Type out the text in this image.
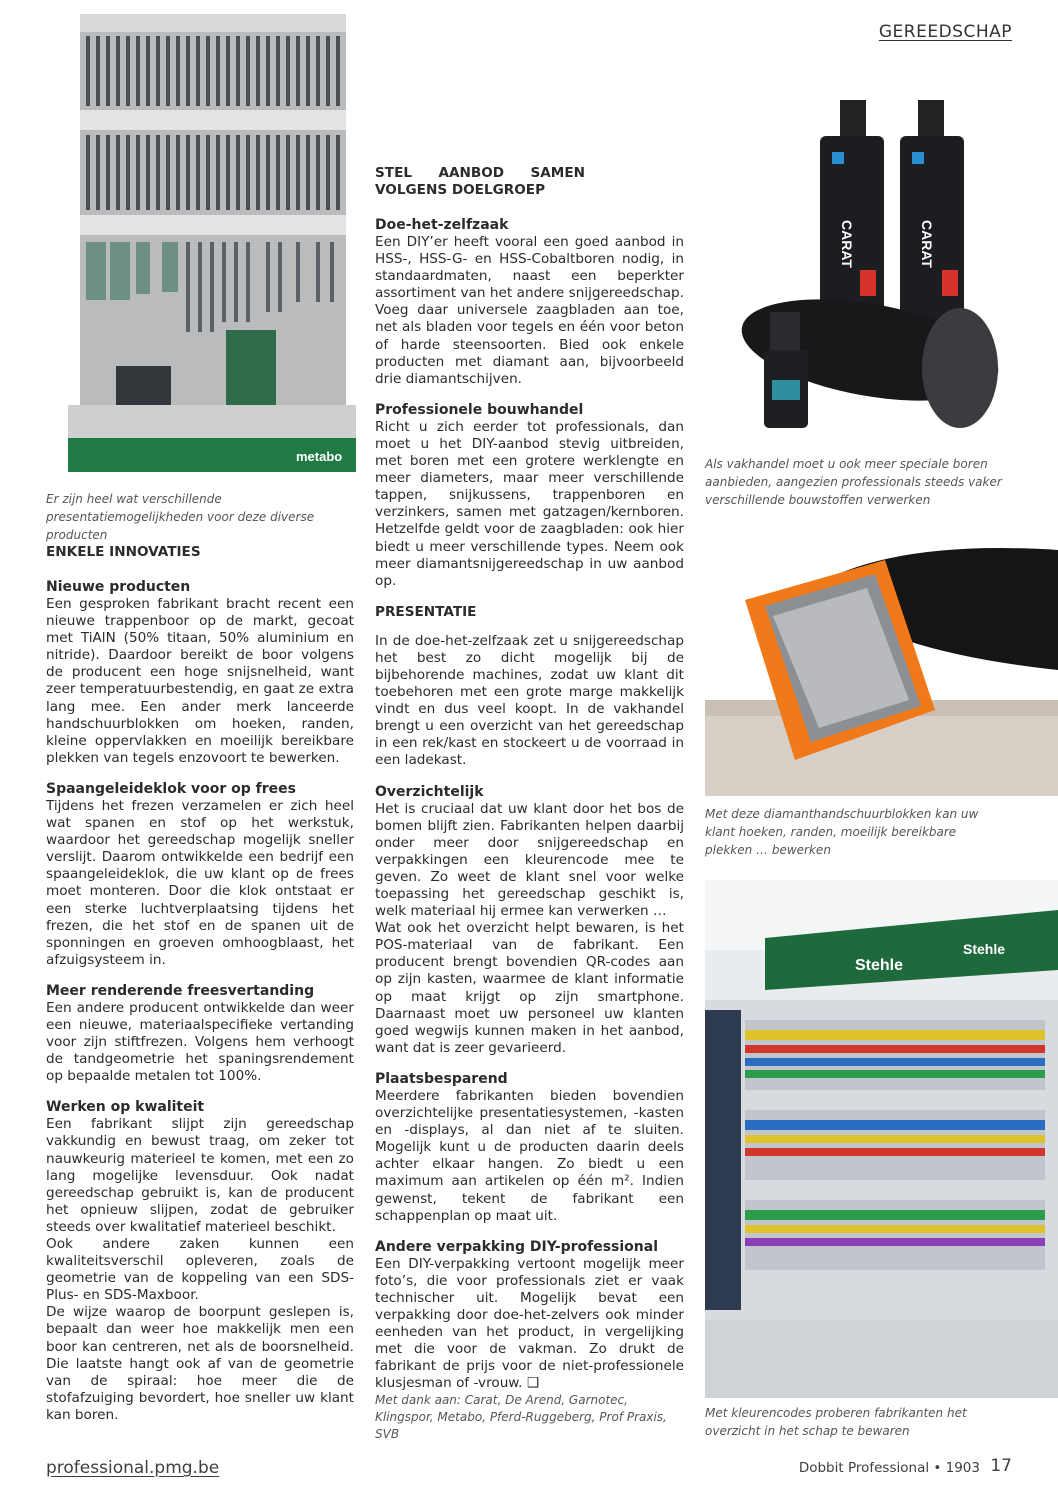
GEREEDSCHAP
metabo
Er zijn heel wat verschillende presentatiemogelijkheden voor deze diverse producten
CARAT	CARAT
Als vakhandel moet u ook meer speciale boren aanbieden, aangezien professionals steeds vaker verschillende bouwstoffen verwerken
Met deze diamanthandschuurblokken kan uw klant hoeken, randen, moeilijk bereikbare plekken … bewerken
Stehle
Stehle
Met kleurencodes proberen fabrikanten het overzicht in het schap te bewaren
ENKELE INNOVATIES
Nieuwe producten

Een gesproken fabrikant bracht recent een nieuwe trappenboor op de markt, gecoat met TiAlN (50% titaan, 50% aluminium en nitride). Daardoor bereikt de boor volgens de producent een hoge snijsnelheid, want zeer temperatuurbestendig, en gaat ze extra lang mee. Een ander merk lanceerde handschuurblokken om hoeken, randen, kleine oppervlakken en moeilijk bereikbare plekken van tegels enzovoort te bewerken.

Spaangeleideklok voor op frees

Tijdens het frezen verzamelen er zich heel wat spanen en stof op het werkstuk, waardoor het gereedschap mogelijk sneller verslijt. Daarom ontwikkelde een bedrijf een spaangeleideklok, die uw klant op de frees moet monteren. Door die klok ontstaat er een sterke luchtverplaatsing tijdens het frezen, die het stof en de spanen uit de sponningen en groeven omhoogblaast, het afzuigsysteem in.

Meer renderende freesvertanding

Een andere producent ontwikkelde dan weer een nieuwe, materiaalspecifieke vertanding voor zijn stiftfrezen. Volgens hem verhoogt de tandgeometrie het spaningsrendement op bepaalde metalen tot 100%.

Werken op kwaliteit

Een fabrikant slijpt zijn gereedschap vakkundig en bewust traag, om zeker tot nauwkeurig materieel te komen, met een zo lang mogelijke levensduur. Ook nadat gereedschap gebruikt is, kan de producent het opnieuw slijpen, zodat de gebruiker steeds over kwalitatief materieel beschikt.

Ook andere zaken kunnen een kwaliteitsverschil opleveren, zoals de geometrie van de koppeling van een SDS-Plus- en SDS-Maxboor.

De wijze waarop de boorpunt geslepen is, bepaalt dan weer hoe makkelijk men een boor kan centreren, net als de boorsnelheid. Die laatste hangt ook af van de geometrie van de spiraal: hoe meer die de stofafzuiging bevordert, hoe sneller uw klant kan boren.

STEL AANBOD SAMEN VOLGENS DOELGROEP
Doe-het-zelfzaak

Een DIY’er heeft vooral een goed aanbod in HSS-, HSS-G- en HSS-Cobaltboren nodig, in standaardmaten, naast een beperkter assortiment van het andere snijgereedschap. Voeg daar universele zaagbladen aan toe, net als bladen voor tegels en één voor beton of harde steensoorten. Bied ook enkele producten met diamant aan, bijvoorbeeld drie diamantschijven.

Professionele bouwhandel

Richt u zich eerder tot professionals, dan moet u het DIY-aanbod stevig uitbreiden, met boren met een grotere werklengte en meer diameters, maar meer verschillende tappen, snijkussens, trappenboren en verzinkers, samen met gatzagen/kernboren. Hetzelfde geldt voor de zaagbladen: ook hier biedt u meer verschillende types. Neem ook meer diamantsnijgereedschap in uw aanbod op.

PRESENTATIE

In de doe-het-zelfzaak zet u snijgereedschap het best zo dicht mogelijk bij de bijbehorende machines, zodat uw klant dit toebehoren met een grote marge makkelijk vindt en dus veel koopt. In de vakhandel brengt u een overzicht van het gereedschap in een rek/kast en stockeert u de voorraad in een ladekast.

Overzichtelijk

Het is cruciaal dat uw klant door het bos de bomen blijft zien. Fabrikanten helpen daarbij onder meer door snijgereedschap en verpakkingen een kleurencode mee te geven. Zo weet de klant snel voor welke toepassing het gereedschap geschikt is, welk materiaal hij ermee kan verwerken …

Wat ook het overzicht helpt bewaren, is het POS-materiaal van de fabrikant. Een producent brengt bovendien QR-codes aan op zijn kasten, waarmee de klant informatie op maat krijgt op zijn smartphone. Daarnaast moet uw personeel uw klanten goed wegwijs kunnen maken in het aanbod, want dat is zeer gevarieerd.

Plaatsbesparend

Meerdere fabrikanten bieden bovendien overzichtelijke presentatiesystemen, -kasten en -displays, al dan niet af te sluiten. Mogelijk kunt u de producten daarin deels achter elkaar hangen. Zo biedt u een maximum aan artikelen op één m². Indien gewenst, tekent de fabrikant een schappenplan op maat uit.

Andere verpakking DIY-professional

Een DIY-verpakking vertoont mogelijk meer foto’s, die voor professionals ziet er vaak technischer uit. Mogelijk bevat een verpakking door doe-het-zelvers ook minder eenheden van het product, in vergelijking met die voor de vakman. Zo drukt de fabrikant de prijs voor de niet-professionele klusjesman of -vrouw. ❑

Met dank aan: Carat, De Arend, Garnotec, Klingspor, Metabo, Pferd-Ruggeberg, Prof Praxis, SVB

professional.pmg.be	Dobbit Professional • 1903 17
